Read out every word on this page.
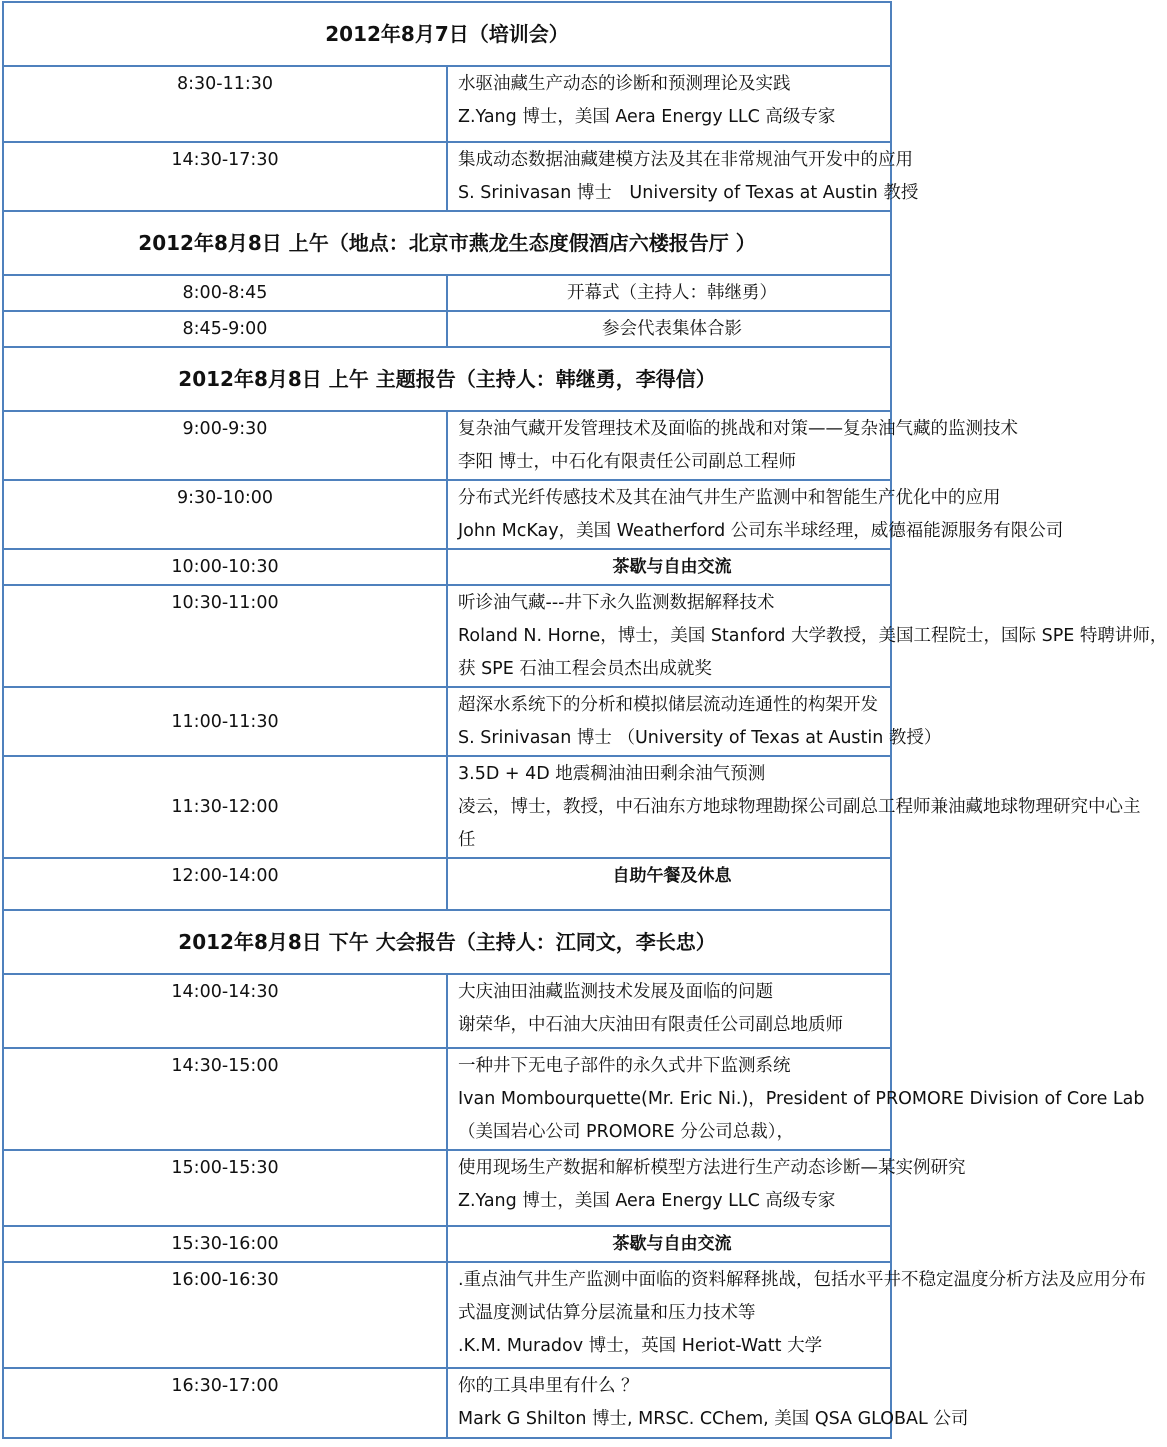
2012年8月7日（培训会）	
8:30-11:30	水驱油藏生产动态的诊断和预测理论及实践
Z.Yang 博士，美国 Aera Energy LLC 高级专家

14:30-17:30	集成动态数据油藏建模方法及其在非常规油气开发中的应用
S. Srinivasan 博士　University of Texas at Austin 教授

2012年8月8日 上午（地点：北京市燕龙生态度假酒店六楼报告厅 ）	
8:00-8:45	开幕式（主持人：韩继勇）
8:45-9:00	参会代表集体合影
2012年8月8日 上午 主题报告（主持人：韩继勇，李得信）	
9:00-9:30	复杂油气藏开发管理技术及面临的挑战和对策——复杂油气藏的监测技术
李阳 博士，中石化有限责任公司副总工程师

9:30-10:00	分布式光纤传感技术及其在油气井生产监测中和智能生产优化中的应用
John McKay，美国 Weatherford 公司东半球经理，威德福能源服务有限公司

10:00-10:30	茶歇与自由交流
10:30-11:00	听诊油气藏---井下永久监测数据解释技术
Roland N. Horne，博士，美国 Stanford 大学教授，美国工程院士，国际 SPE 特聘讲师，
获 SPE 石油工程会员杰出成就奖

11:00-11:30	超深水系统下的分析和模拟储层流动连通性的构架开发
S. Srinivasan 博士 （University of Texas at Austin 教授）

11:30-12:00	3.5D + 4D 地震稠油油田剩余油气预测
凌云，博士，教授，中石油东方地球物理勘探公司副总工程师兼油藏地球物理研究中心主
任

12:00-14:00	自助午餐及休息
2012年8月8日 下午 大会报告（主持人：江同文，李长忠）	
14:00-14:30	大庆油田油藏监测技术发展及面临的问题
谢荣华，中石油大庆油田有限责任公司副总地质师

14:30-15:00	一种井下无电子部件的永久式井下监测系统
Ivan Mombourquette(Mr. Eric Ni.)，President of PROMORE Division of Core Lab
（美国岩心公司 PROMORE 分公司总裁），

15:00-15:30	使用现场生产数据和解析模型方法进行生产动态诊断—某实例研究
Z.Yang 博士，美国 Aera Energy LLC 高级专家

15:30-16:00	茶歇与自由交流
16:00-16:30	.重点油气井生产监测中面临的资料解释挑战，包括水平井不稳定温度分析方法及应用分布
式温度测试估算分层流量和压力技术等
.K.M. Muradov 博士，英国 Heriot-Watt 大学

16:30-17:00	你的工具串里有什么 ？
Mark G Shilton 博士, MRSC. CChem, 美国 QSA GLOBAL 公司
